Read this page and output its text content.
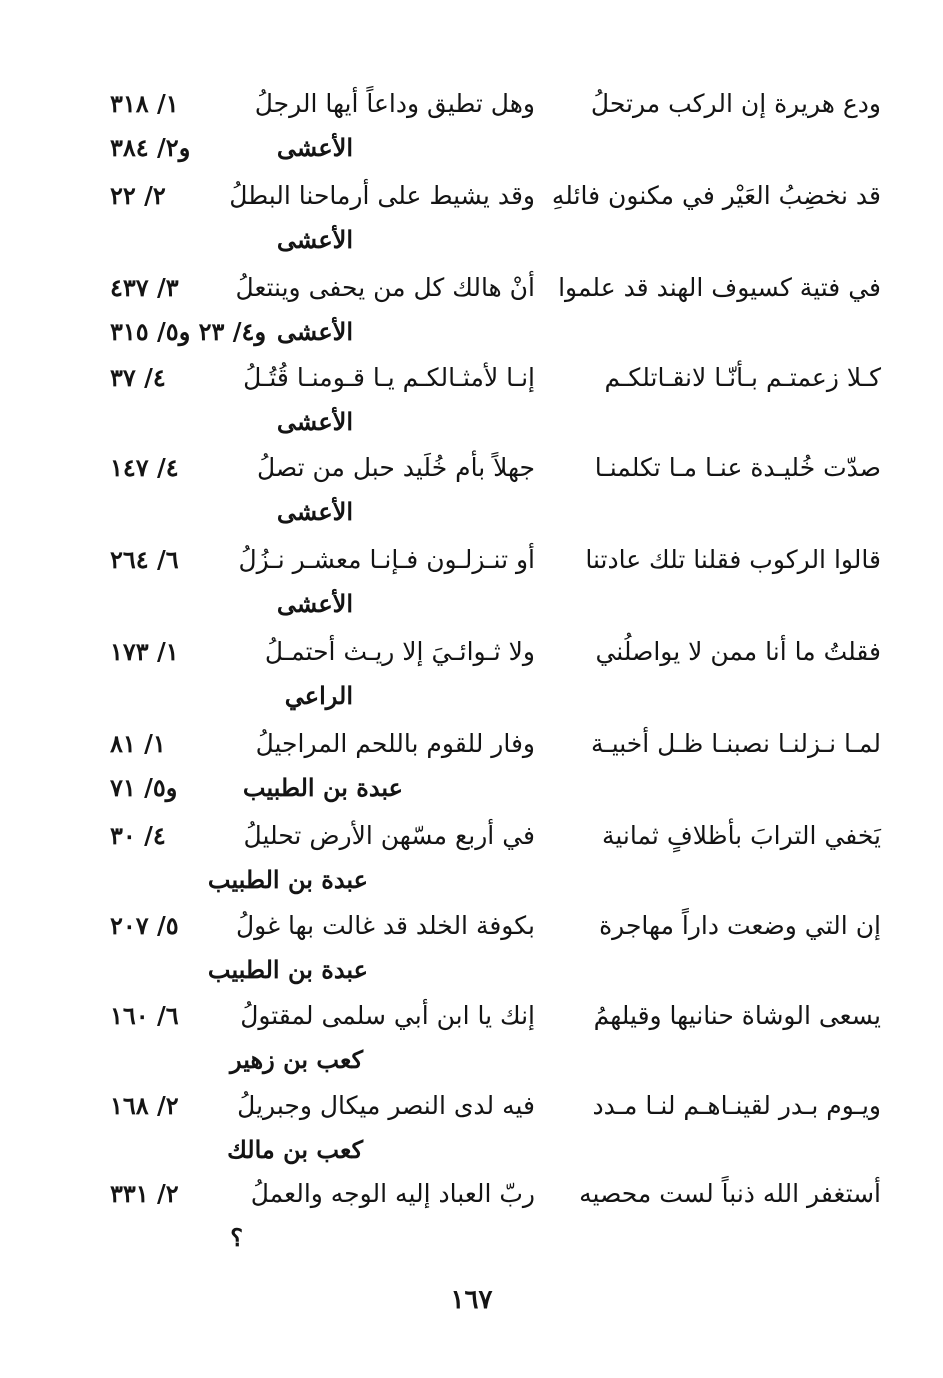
ودع هريرة إن الركب مرتحلُ
وهل تطيق وداعاً أيها الرجلُ
١/ ٣١٨
الأعشى
و٢/ ٣٨٤
قد نخضِبُ العَيْر في مكنون فائلهِ
وقد يشيط على أرماحنا البطلُ
٢/ ٢٢
الأعشى
في فتية كسيوف الهند قد علموا
أنْ هالك كل من يحفى وينتعلُ
٣/ ٤٣٧
الأعشى
و٤/ ٢٣ و٥/ ٣١٥
كـلا زعمتـم بـأنّـا لانقـاتلكـم
إنـا لأمثـالكـم يـا قـومنـا قُتُـلُ
٤/ ٣٧
الأعشى
صدّت خُليـدة عنـا مـا تكلمنـا
جهلاً بأم خُلَيد حبل من تصلُ
٤/ ١٤٧
الأعشى
قالوا الركوب فقلنا تلك عادتنا
أو تنـزلـون فـإنـا معشـر نـزُلُ
٦/ ٢٦٤
الأعشى
فقلتُ ما أنا ممن لا يواصلُني
ولا ثـوائـيَ إلا ريـث أحتمـلُ
١/ ١٧٣
الراعي
لمـا نـزلنـا نصبنـا ظـل أخبيـة
وفار للقوم باللحم المراجيلُ
١/ ٨١
عبدة بن الطبيب
و٥/ ٧١
يَخفي الترابَ بأظلافٍ ثمانية
في أربع مسّهن الأرض تحليلُ
٤/ ٣٠
عبدة بن الطبيب
إن التي وضعت داراً مهاجرة
بكوفة الخلد قد غالت بها غولُ
٥/ ٢٠٧
عبدة بن الطبيب
يسعى الوشاة حنانيها وقيلهمُ
إنك يا ابن أبي سلمى لمقتولُ
٦/ ١٦٠
كعب بن زهير
ويـوم بـدر لقينـاهـم لنـا مـدد
فيه لدى النصر ميكال وجبريلُ
٢/ ١٦٨
كعب بن مالك
أستغفر الله ذنباً لست محصيه
ربّ العباد إليه الوجه والعملُ
٢/ ٣٣١
؟
١٦٧
